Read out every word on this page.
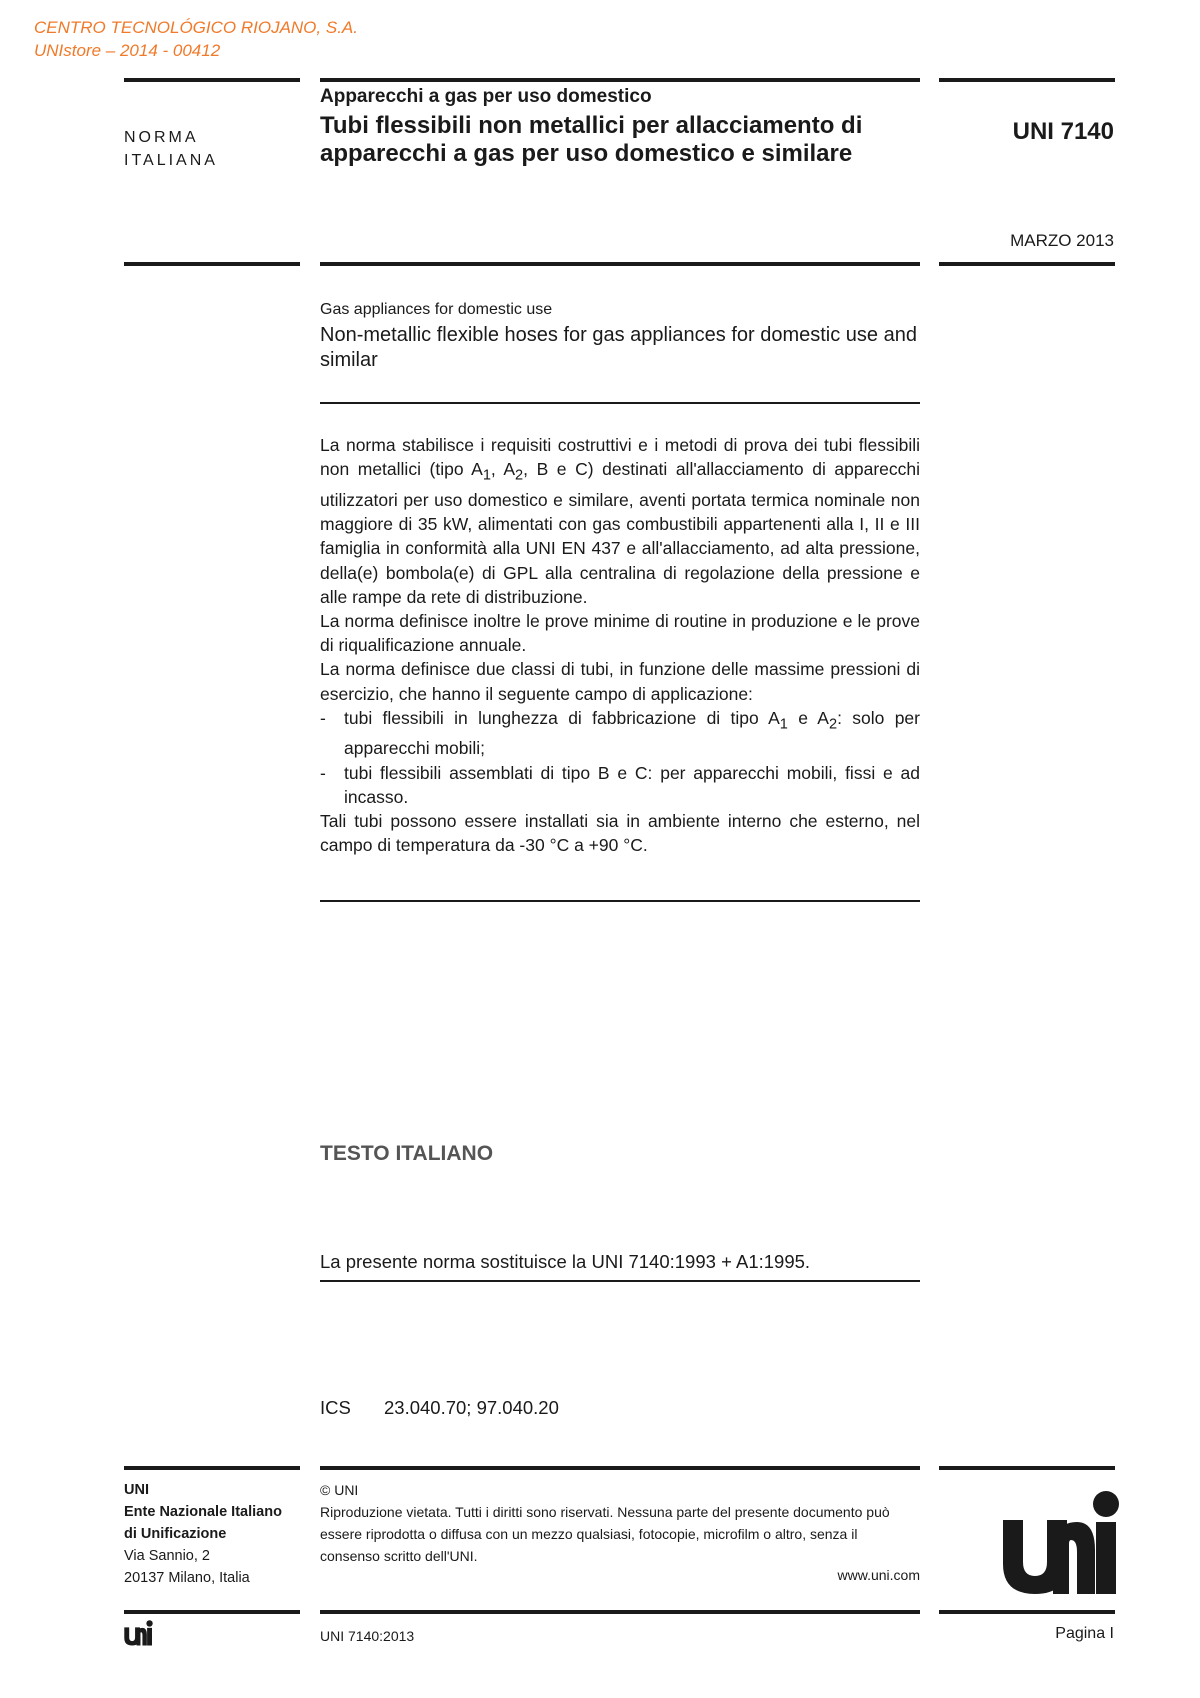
CENTRO TECNOLÓGICO RIOJANO, S.A.
UNIstore – 2014 - 00412
NORMA
ITALIANA
Apparecchi a gas per uso domestico
Tubi flessibili non metallici per allacciamento di apparecchi a gas per uso domestico e similare
UNI 7140
MARZO 2013
Gas appliances for domestic use
Non-metallic flexible hoses for gas appliances for domestic use and similar

La norma stabilisce i requisiti costruttivi e i metodi di prova dei tubi flessibili non metallici (tipo $A_1$, $A_2$, B e C) destinati all'allacciamento di apparecchi utilizzatori per uso domestico e similare, aventi portata termica nominale non maggiore di 35 kW, alimentati con gas combustibili appartenenti alla I, II e III famiglia in conformità alla UNI EN 437 e all'allacciamento, ad alta pressione, della(e) bombola(e) di GPL alla centralina di regolazione della pressione e alle rampe da rete di distribuzione.

La norma definisce inoltre le prove minime di routine in produzione e le prove di riqualificazione annuale.

La norma definisce due classi di tubi, in funzione delle massime pressioni di esercizio, che hanno il seguente campo di applicazione:

- tubi flessibili in lunghezza di fabbricazione di tipo $A_1$ e $A_2$: solo per apparecchi mobili;

- tubi flessibili assemblati di tipo B e C: per apparecchi mobili, fissi e ad incasso.

Tali tubi possono essere installati sia in ambiente interno che esterno, nel campo di temperatura da -30 °C a +90 °C.

TESTO ITALIANO
La presente norma sostituisce la UNI 7140:1993 + A1:1995.
ICS 23.040.70; 97.040.20
UNI
Ente Nazionale Italiano
di Unificazione
Via Sannio, 2
20137 Milano, Italia
© UNI
Riproduzione vietata. Tutti i diritti sono riservati. Nessuna parte del presente documento può essere riprodotta o diffusa con un mezzo qualsiasi, fotocopie, microfilm o altro, senza il consenso scritto dell'UNI.
www.uni.com
UNI 7140:2013	Pagina I
